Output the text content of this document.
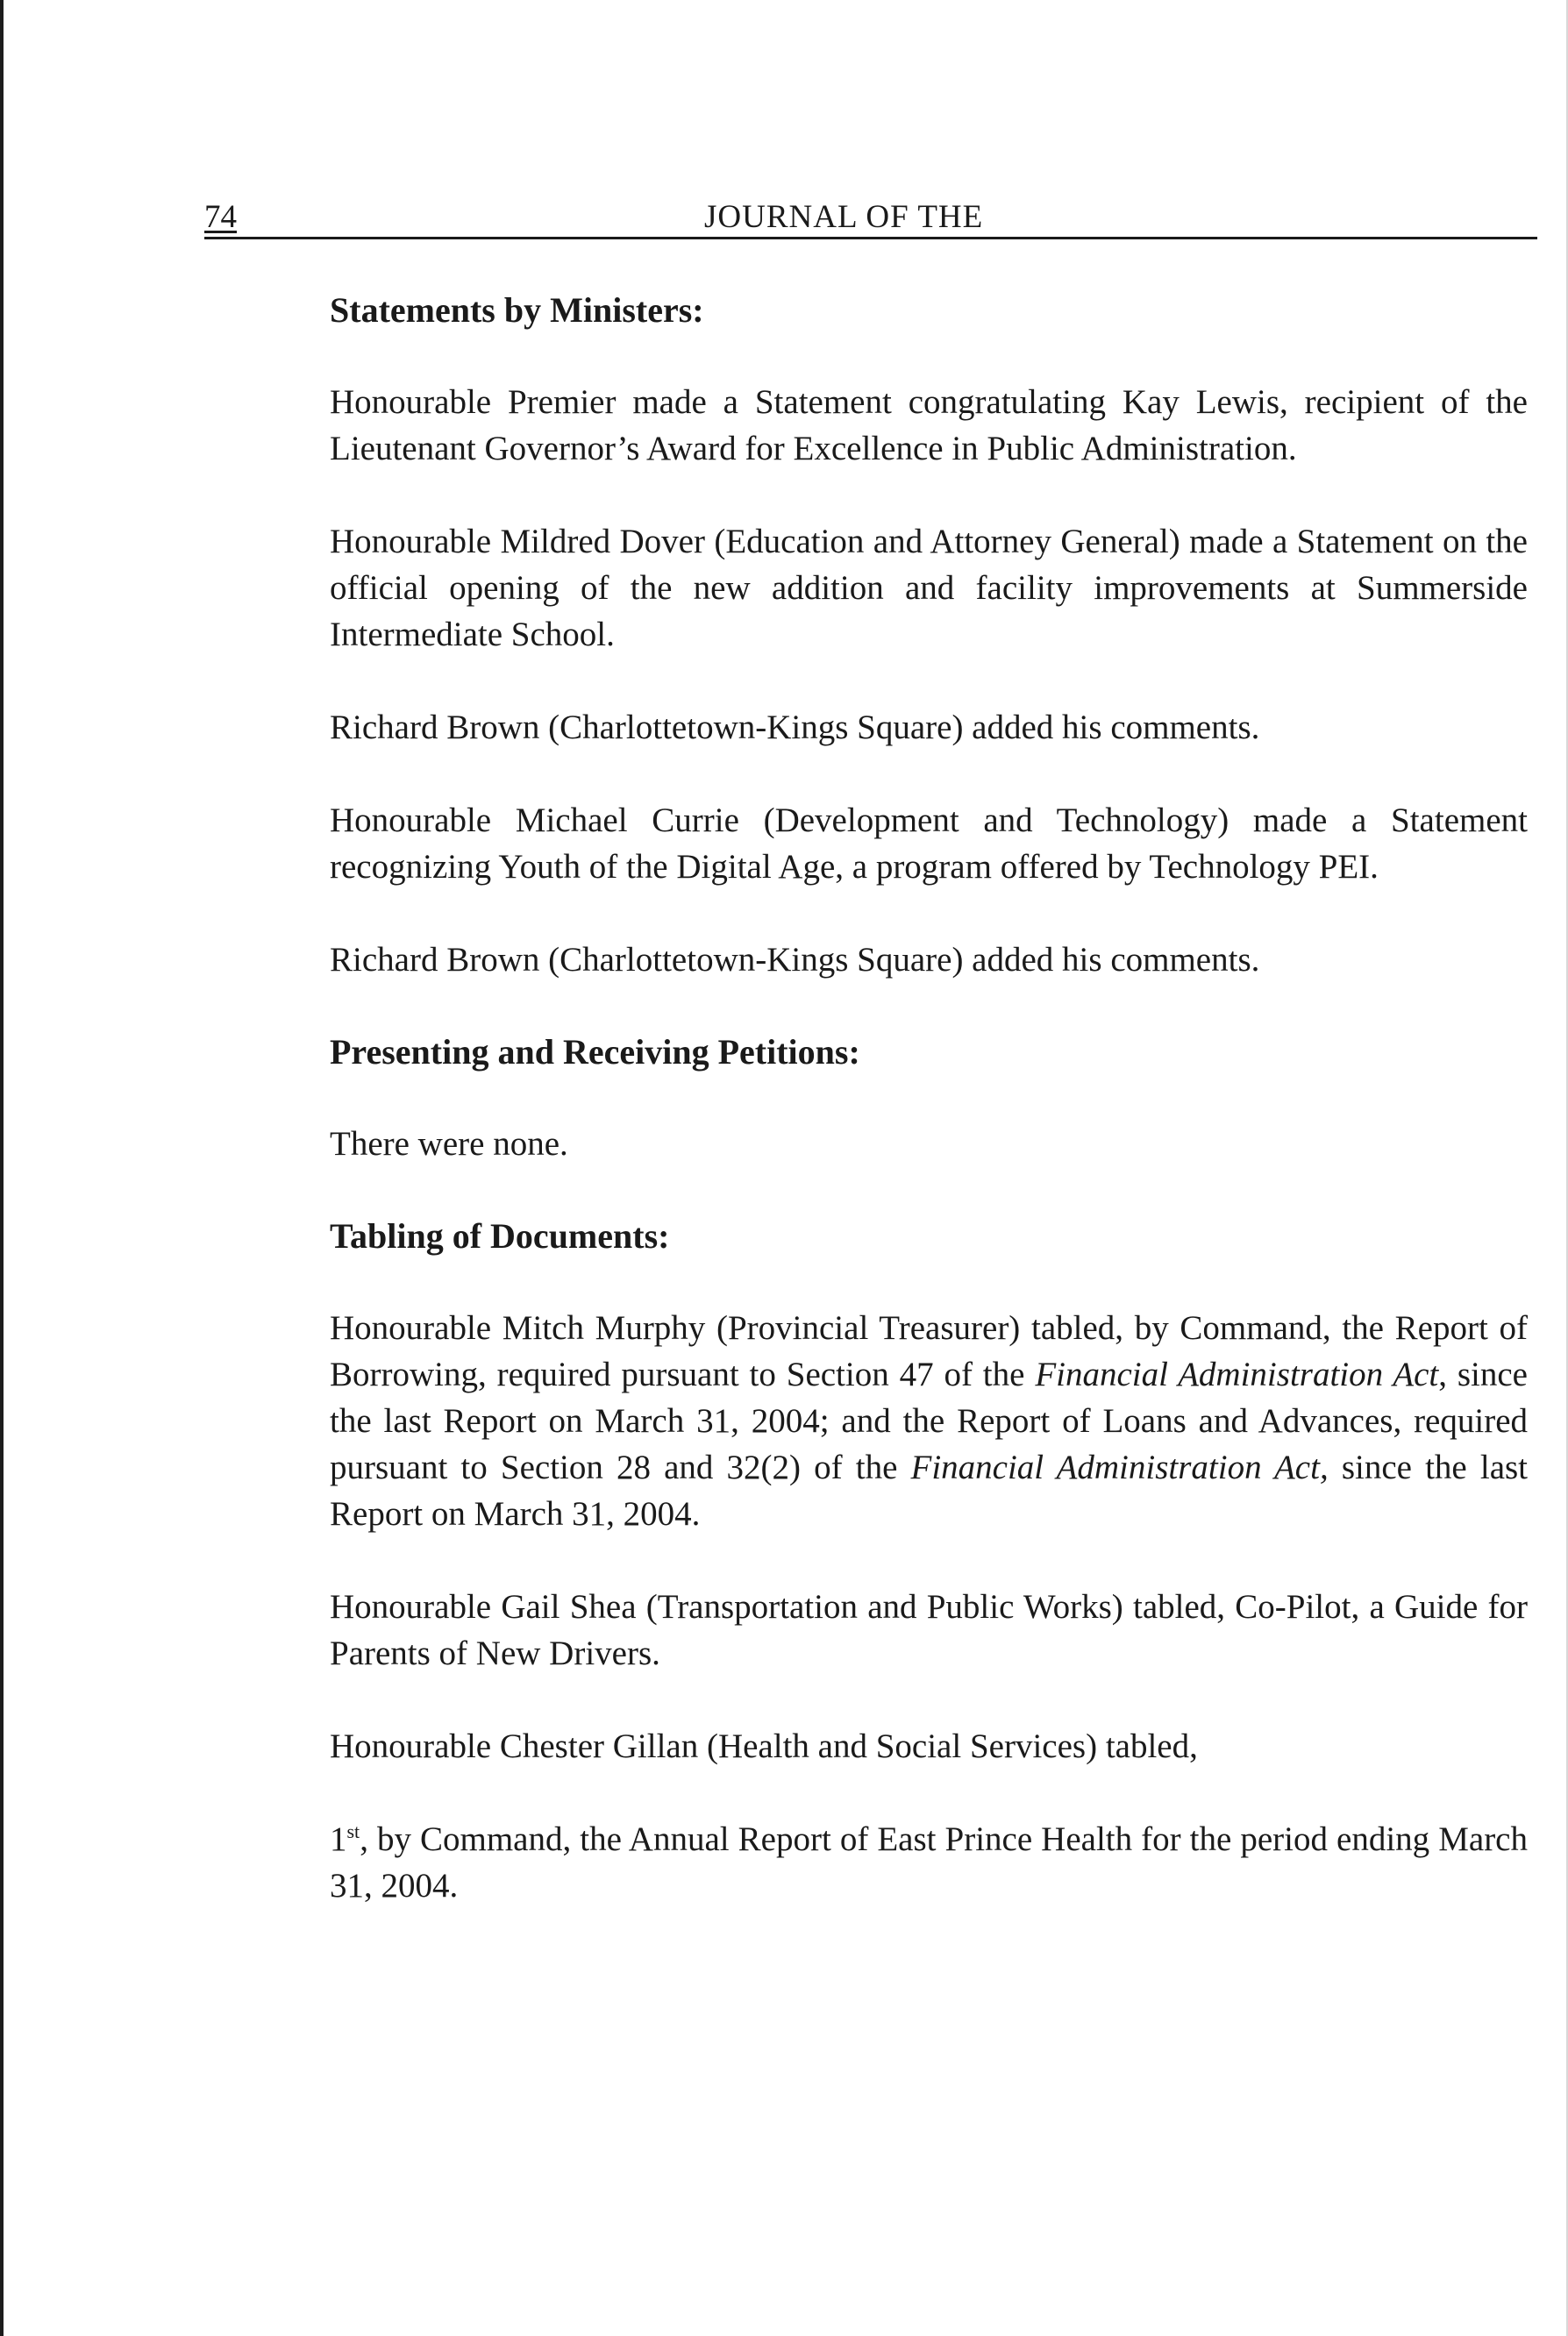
74	JOURNAL OF THE
Statements by Ministers:

Honourable Premier made a Statement congratulating Kay Lewis, recipient of the Lieutenant Governor’s Award for Excellence in Public Administration.

Honourable Mildred Dover (Education and Attorney General) made a Statement on the official opening of the new addition and facility improvements at Summerside Intermediate School.

Richard Brown (Charlottetown-Kings Square) added his comments.

Honourable Michael Currie (Development and Technology) made a Statement recognizing Youth of the Digital Age, a program offered by Technology PEI.

Richard Brown (Charlottetown-Kings Square) added his comments.

Presenting and Receiving Petitions:

There were none.

Tabling of Documents:

Honourable Mitch Murphy (Provincial Treasurer) tabled, by Command, the Report of Borrowing, required pursuant to Section 47 of the Financial Administration Act, since the last Report on March 31, 2004; and the Report of Loans and Advances, required pursuant to Section 28 and 32(2) of the Financial Administration Act, since the last Report on March 31, 2004.

Honourable Gail Shea (Transportation and Public Works) tabled, Co-Pilot, a Guide for Parents of New Drivers.

Honourable Chester Gillan (Health and Social Services) tabled,

1st, by Command, the Annual Report of East Prince Health for the period ending March 31, 2004.
